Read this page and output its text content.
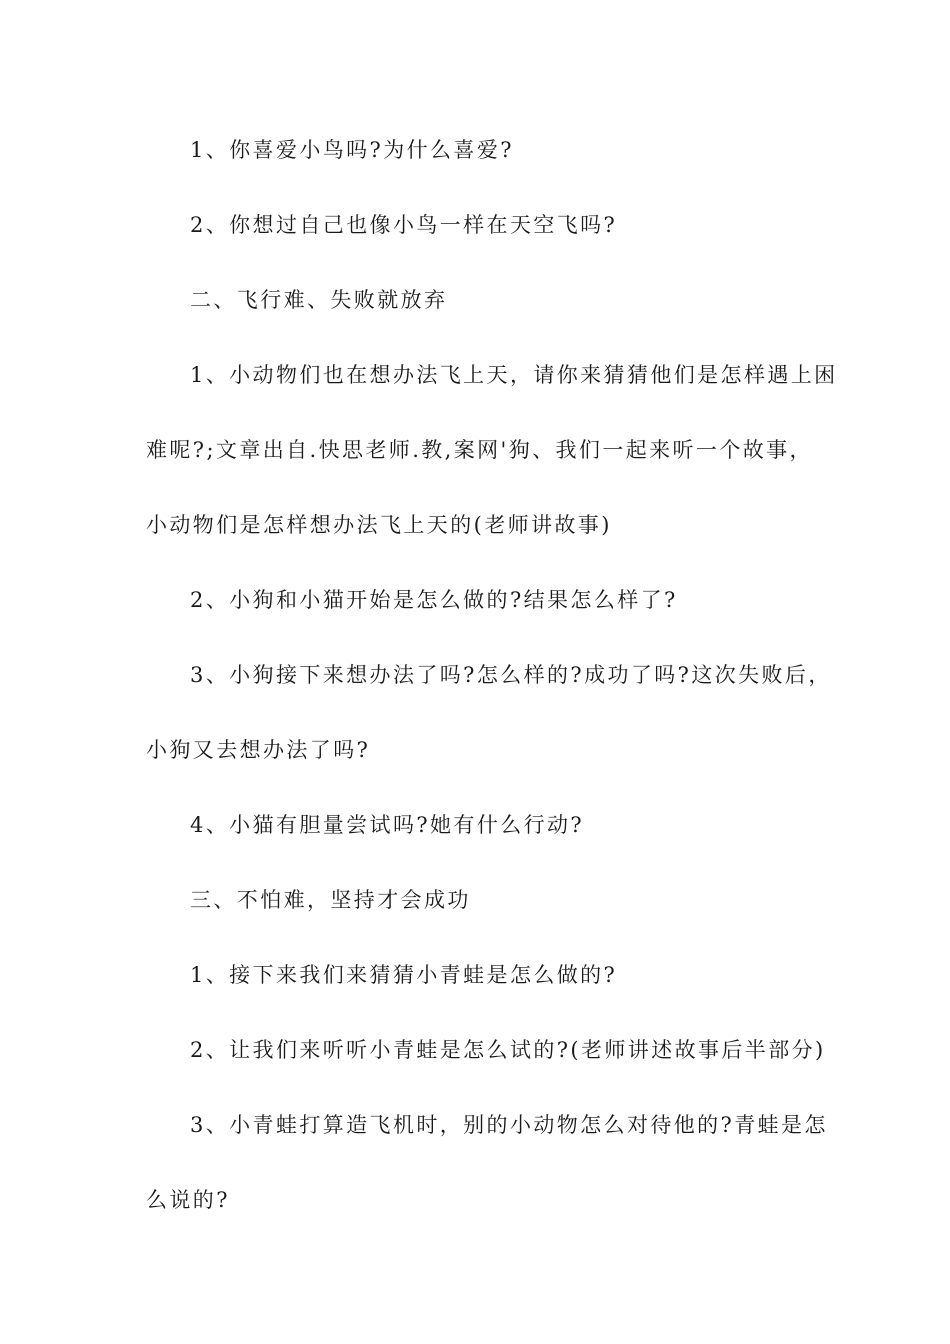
1、你喜爱小鸟吗?为什么喜爱?

2、你想过自己也像小鸟一样在天空飞吗?

二、飞行难、失败就放弃

1、小动物们也在想办法飞上天，请你来猜猜他们是怎样遇上困

难呢?;文章出自.快思老师.教,案网'狗、我们一起来听一个故事，

小动物们是怎样想办法飞上天的(老师讲故事)

2、小狗和小猫开始是怎么做的?结果怎么样了?

3、小狗接下来想办法了吗?怎么样的?成功了吗?这次失败后，

小狗又去想办法了吗?

4、小猫有胆量尝试吗?她有什么行动?

三、不怕难，坚持才会成功

1、接下来我们来猜猜小青蛙是怎么做的?

2、让我们来听听小青蛙是怎么试的?(老师讲述故事后半部分)

3、小青蛙打算造飞机时，别的小动物怎么对待他的?青蛙是怎

么说的?
